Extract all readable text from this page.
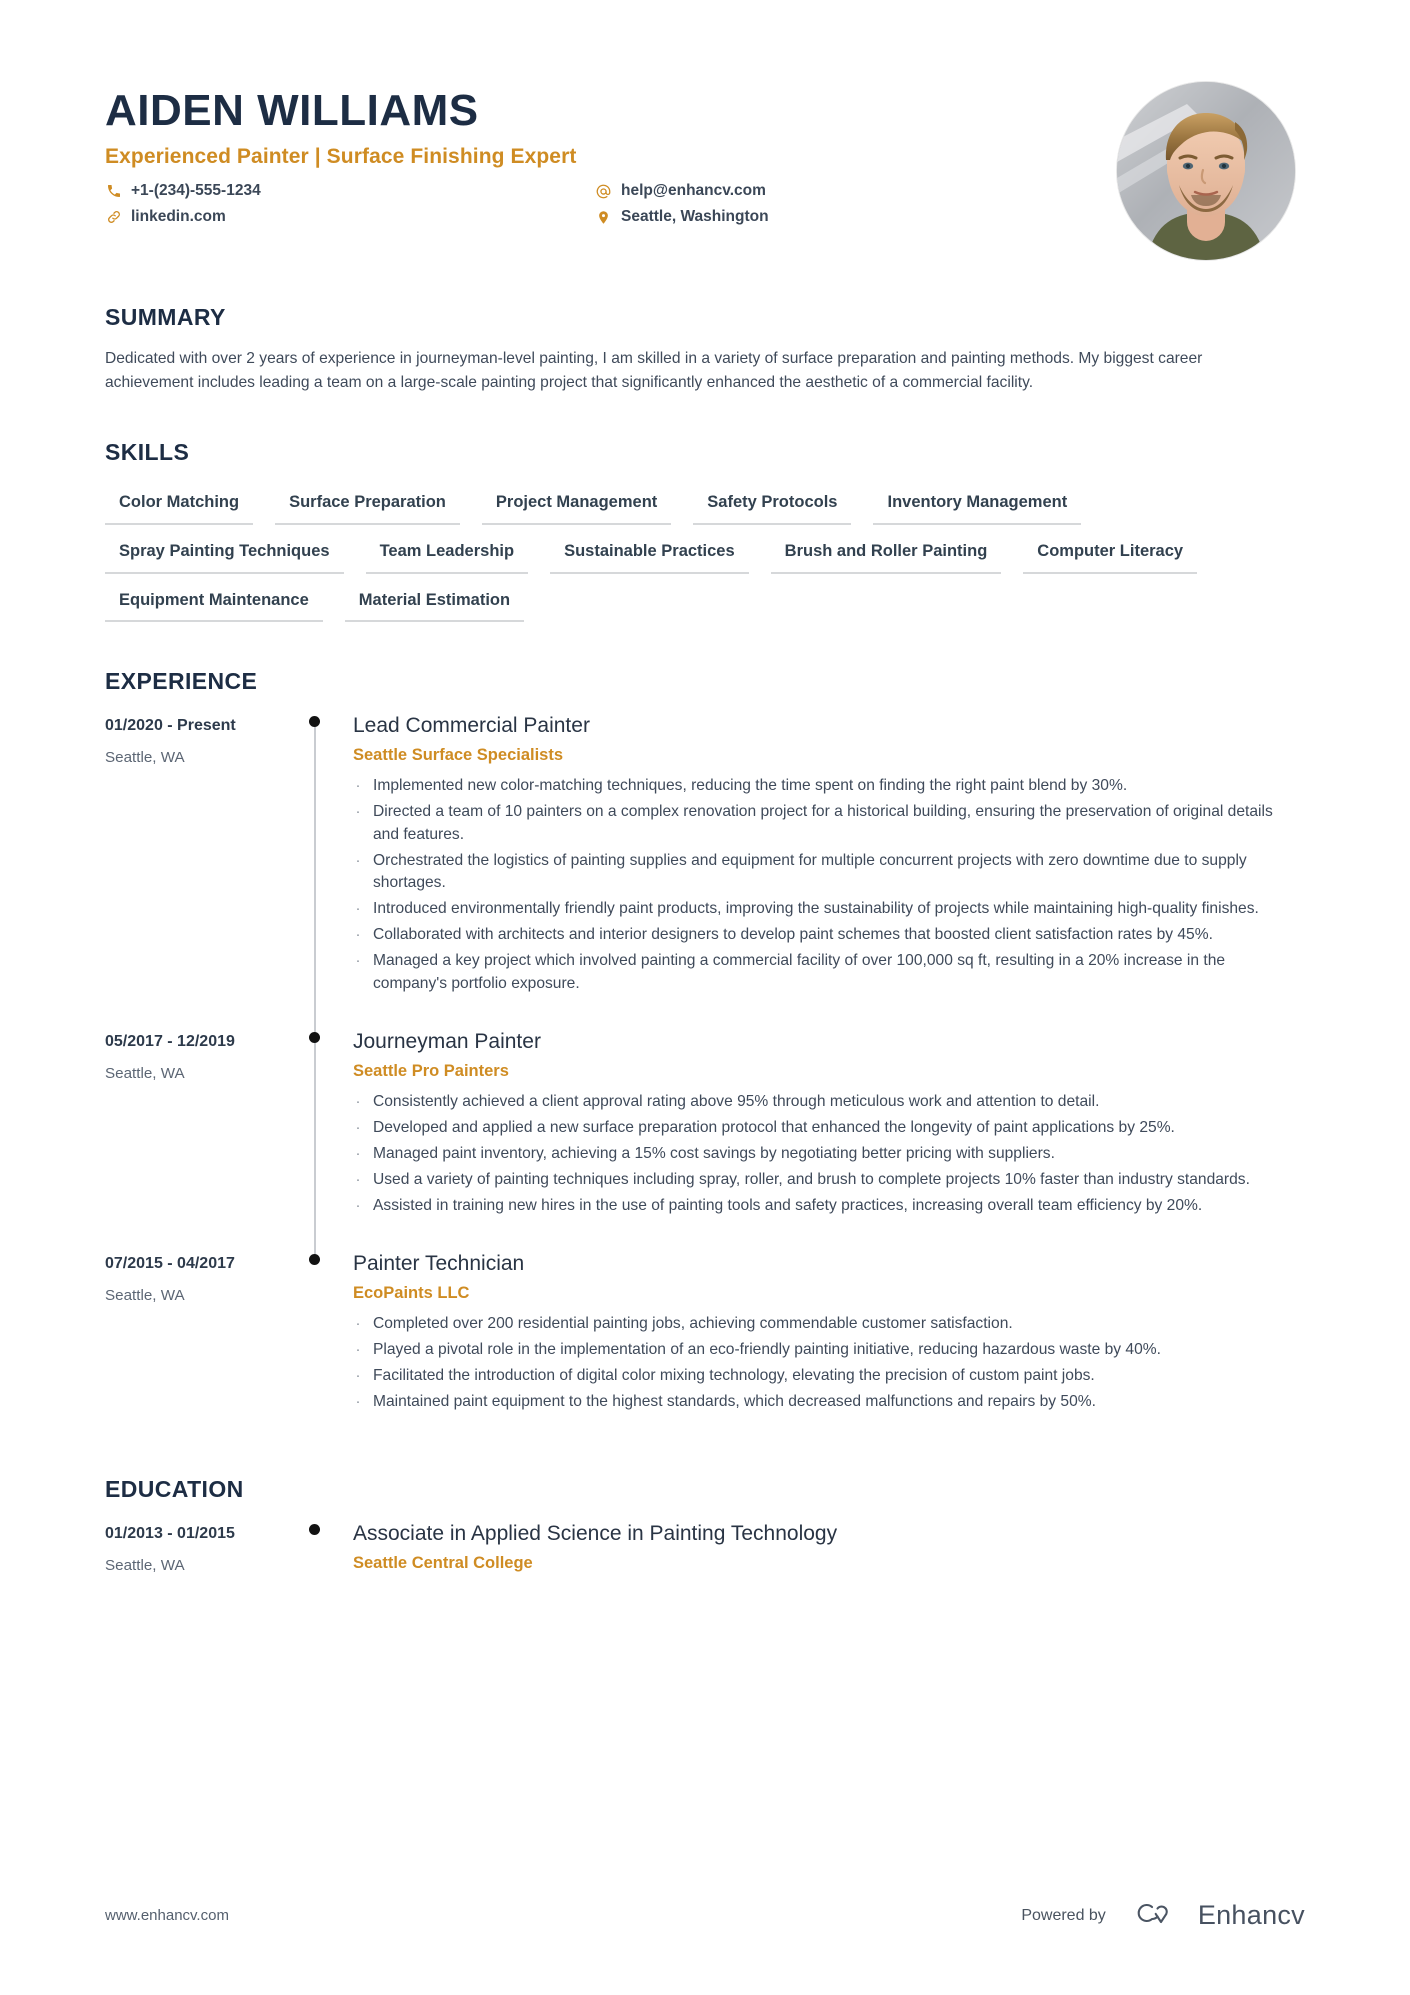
AIDEN WILLIAMS
Experienced Painter | Surface Finishing Expert
+1-(234)-555-1234	help@enhancv.com
linkedin.com	Seattle, Washington
SUMMARY
Dedicated with over 2 years of experience in journeyman-level painting, I am skilled in a variety of surface preparation and painting methods. My biggest career achievement includes leading a team on a large-scale painting project that significantly enhanced the aesthetic of a commercial facility.
SKILLS
Color Matching	Surface Preparation	Project Management	Safety Protocols	Inventory Management
Spray Painting Techniques	Team Leadership	Sustainable Practices	Brush and Roller Painting	Computer Literacy
Equipment Maintenance	Material Estimation
EXPERIENCE
01/2020 - Present
Seattle, WA
Lead Commercial Painter
Seattle Surface Specialists
· Implemented new color-matching techniques, reducing the time spent on finding the right paint blend by 30%.
· Directed a team of 10 painters on a complex renovation project for a historical building, ensuring the preservation of original details and features.
· Orchestrated the logistics of painting supplies and equipment for multiple concurrent projects with zero downtime due to supply shortages.
· Introduced environmentally friendly paint products, improving the sustainability of projects while maintaining high-quality finishes.
· Collaborated with architects and interior designers to develop paint schemes that boosted client satisfaction rates by 45%.
· Managed a key project which involved painting a commercial facility of over 100,000 sq ft, resulting in a 20% increase in the company's portfolio exposure.
05/2017 - 12/2019
Seattle, WA
Journeyman Painter
Seattle Pro Painters
· Consistently achieved a client approval rating above 95% through meticulous work and attention to detail.
· Developed and applied a new surface preparation protocol that enhanced the longevity of paint applications by 25%.
· Managed paint inventory, achieving a 15% cost savings by negotiating better pricing with suppliers.
· Used a variety of painting techniques including spray, roller, and brush to complete projects 10% faster than industry standards.
· Assisted in training new hires in the use of painting tools and safety practices, increasing overall team efficiency by 20%.
07/2015 - 04/2017
Seattle, WA
Painter Technician
EcoPaints LLC
· Completed over 200 residential painting jobs, achieving commendable customer satisfaction.
· Played a pivotal role in the implementation of an eco-friendly painting initiative, reducing hazardous waste by 40%.
· Facilitated the introduction of digital color mixing technology, elevating the precision of custom paint jobs.
· Maintained paint equipment to the highest standards, which decreased malfunctions and repairs by 50%.
EDUCATION
01/2013 - 01/2015
Seattle, WA
Associate in Applied Science in Painting Technology
Seattle Central College
www.enhancv.com	Powered by	Enhancv
